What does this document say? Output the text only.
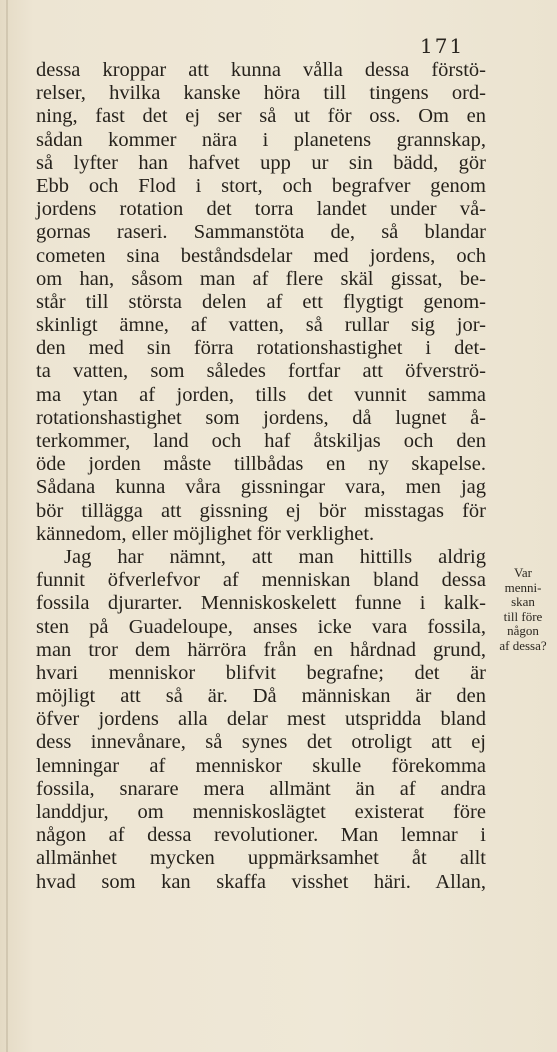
171
dessa kroppar att kunna vålla dessa förstö-
relser, hvilka kanske höra till tingens ord-
ning, fast det ej ser så ut för oss. Om en
sådan kommer nära i planetens grannskap,
så lyfter han hafvet upp ur sin bädd, gör
Ebb och Flod i stort, och begrafver genom
jordens rotation det torra landet under vå-
gornas raseri. Sammanstöta de, så blandar
cometen sina beståndsdelar med jordens, och
om han, såsom man af flere skäl gissat, be-
står till största delen af ett flygtigt genom-
skinligt ämne, af vatten, så rullar sig jor-
den med sin förra rotationshastighet i det-
ta vatten, som således fortfar att öfverströ-
ma ytan af jorden, tills det vunnit samma
rotationshastighet som jordens, då lugnet å-
terkommer, land och haf åtskiljas och den
öde jorden måste tillbådas en ny skapelse.
Sådana kunna våra gissningar vara, men jag
bör tillägga att gissning ej bör misstagas för
kännedom, eller möjlighet för verklighet.
Jag har nämnt, att man hittills aldrig
funnit öfverlefvor af menniskan bland dessa
fossila djurarter. Menniskoskelett funne i kalk-
sten på Guadeloupe, anses icke vara fossila,
man tror dem härröra från en hårdnad grund,
hvari menniskor blifvit begrafne; det är
möjligt att så är. Då människan är den
öfver jordens alla delar mest utspridda bland
dess innevånare, så synes det otroligt att ej
lemningar af menniskor skulle förekomma
fossila, snarare mera allmänt än af andra
landdjur, om menniskoslägtet existerat före
någon af dessa revolutioner. Man lemnar i
allmänhet mycken uppmärksamhet åt allt
hvad som kan skaffa visshet häri. Allan,
Var
menni-
skan
till före
någon
af dessa?
